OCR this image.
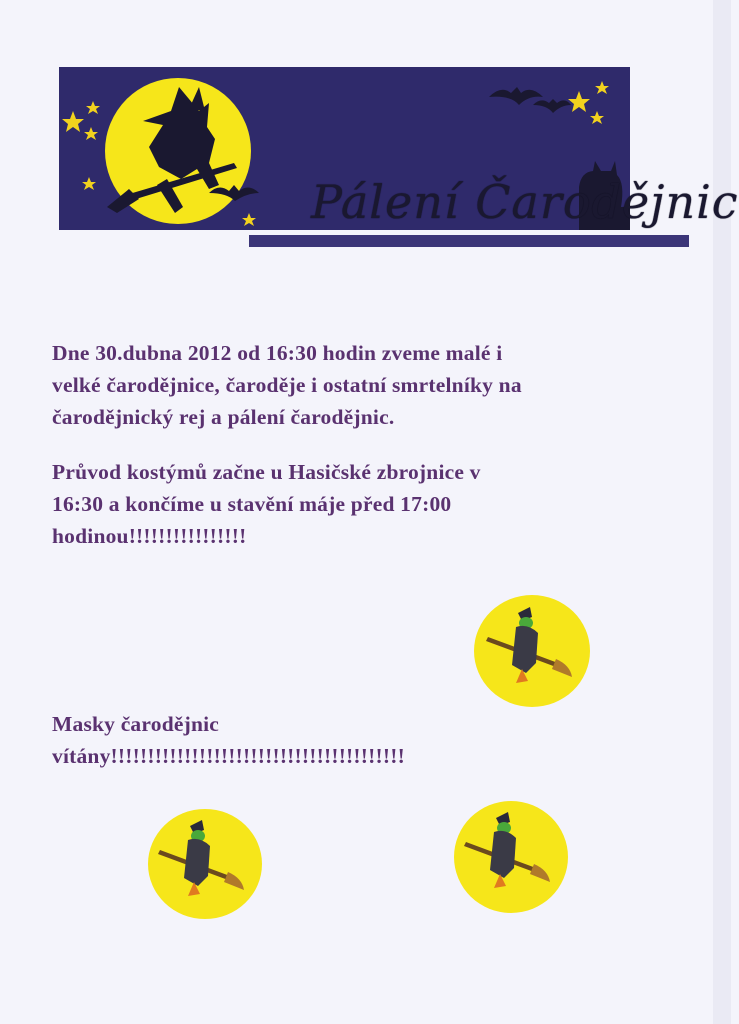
Pálení Čarodějnic
Dne 30.dubna 2012 od 16:30 hodin zveme malé i
velké čarodějnice, čaroděje i ostatní smrtelníky na
čarodějnický rej a pálení čarodějnic.
Průvod kostýmů začne u Hasičské zbrojnice v
16:30 a končíme u stavění máje před 17:00
hodinou!!!!!!!!!!!!!!!!
Masky čarodějnic
vítány!!!!!!!!!!!!!!!!!!!!!!!!!!!!!!!!!!!!!!!!
